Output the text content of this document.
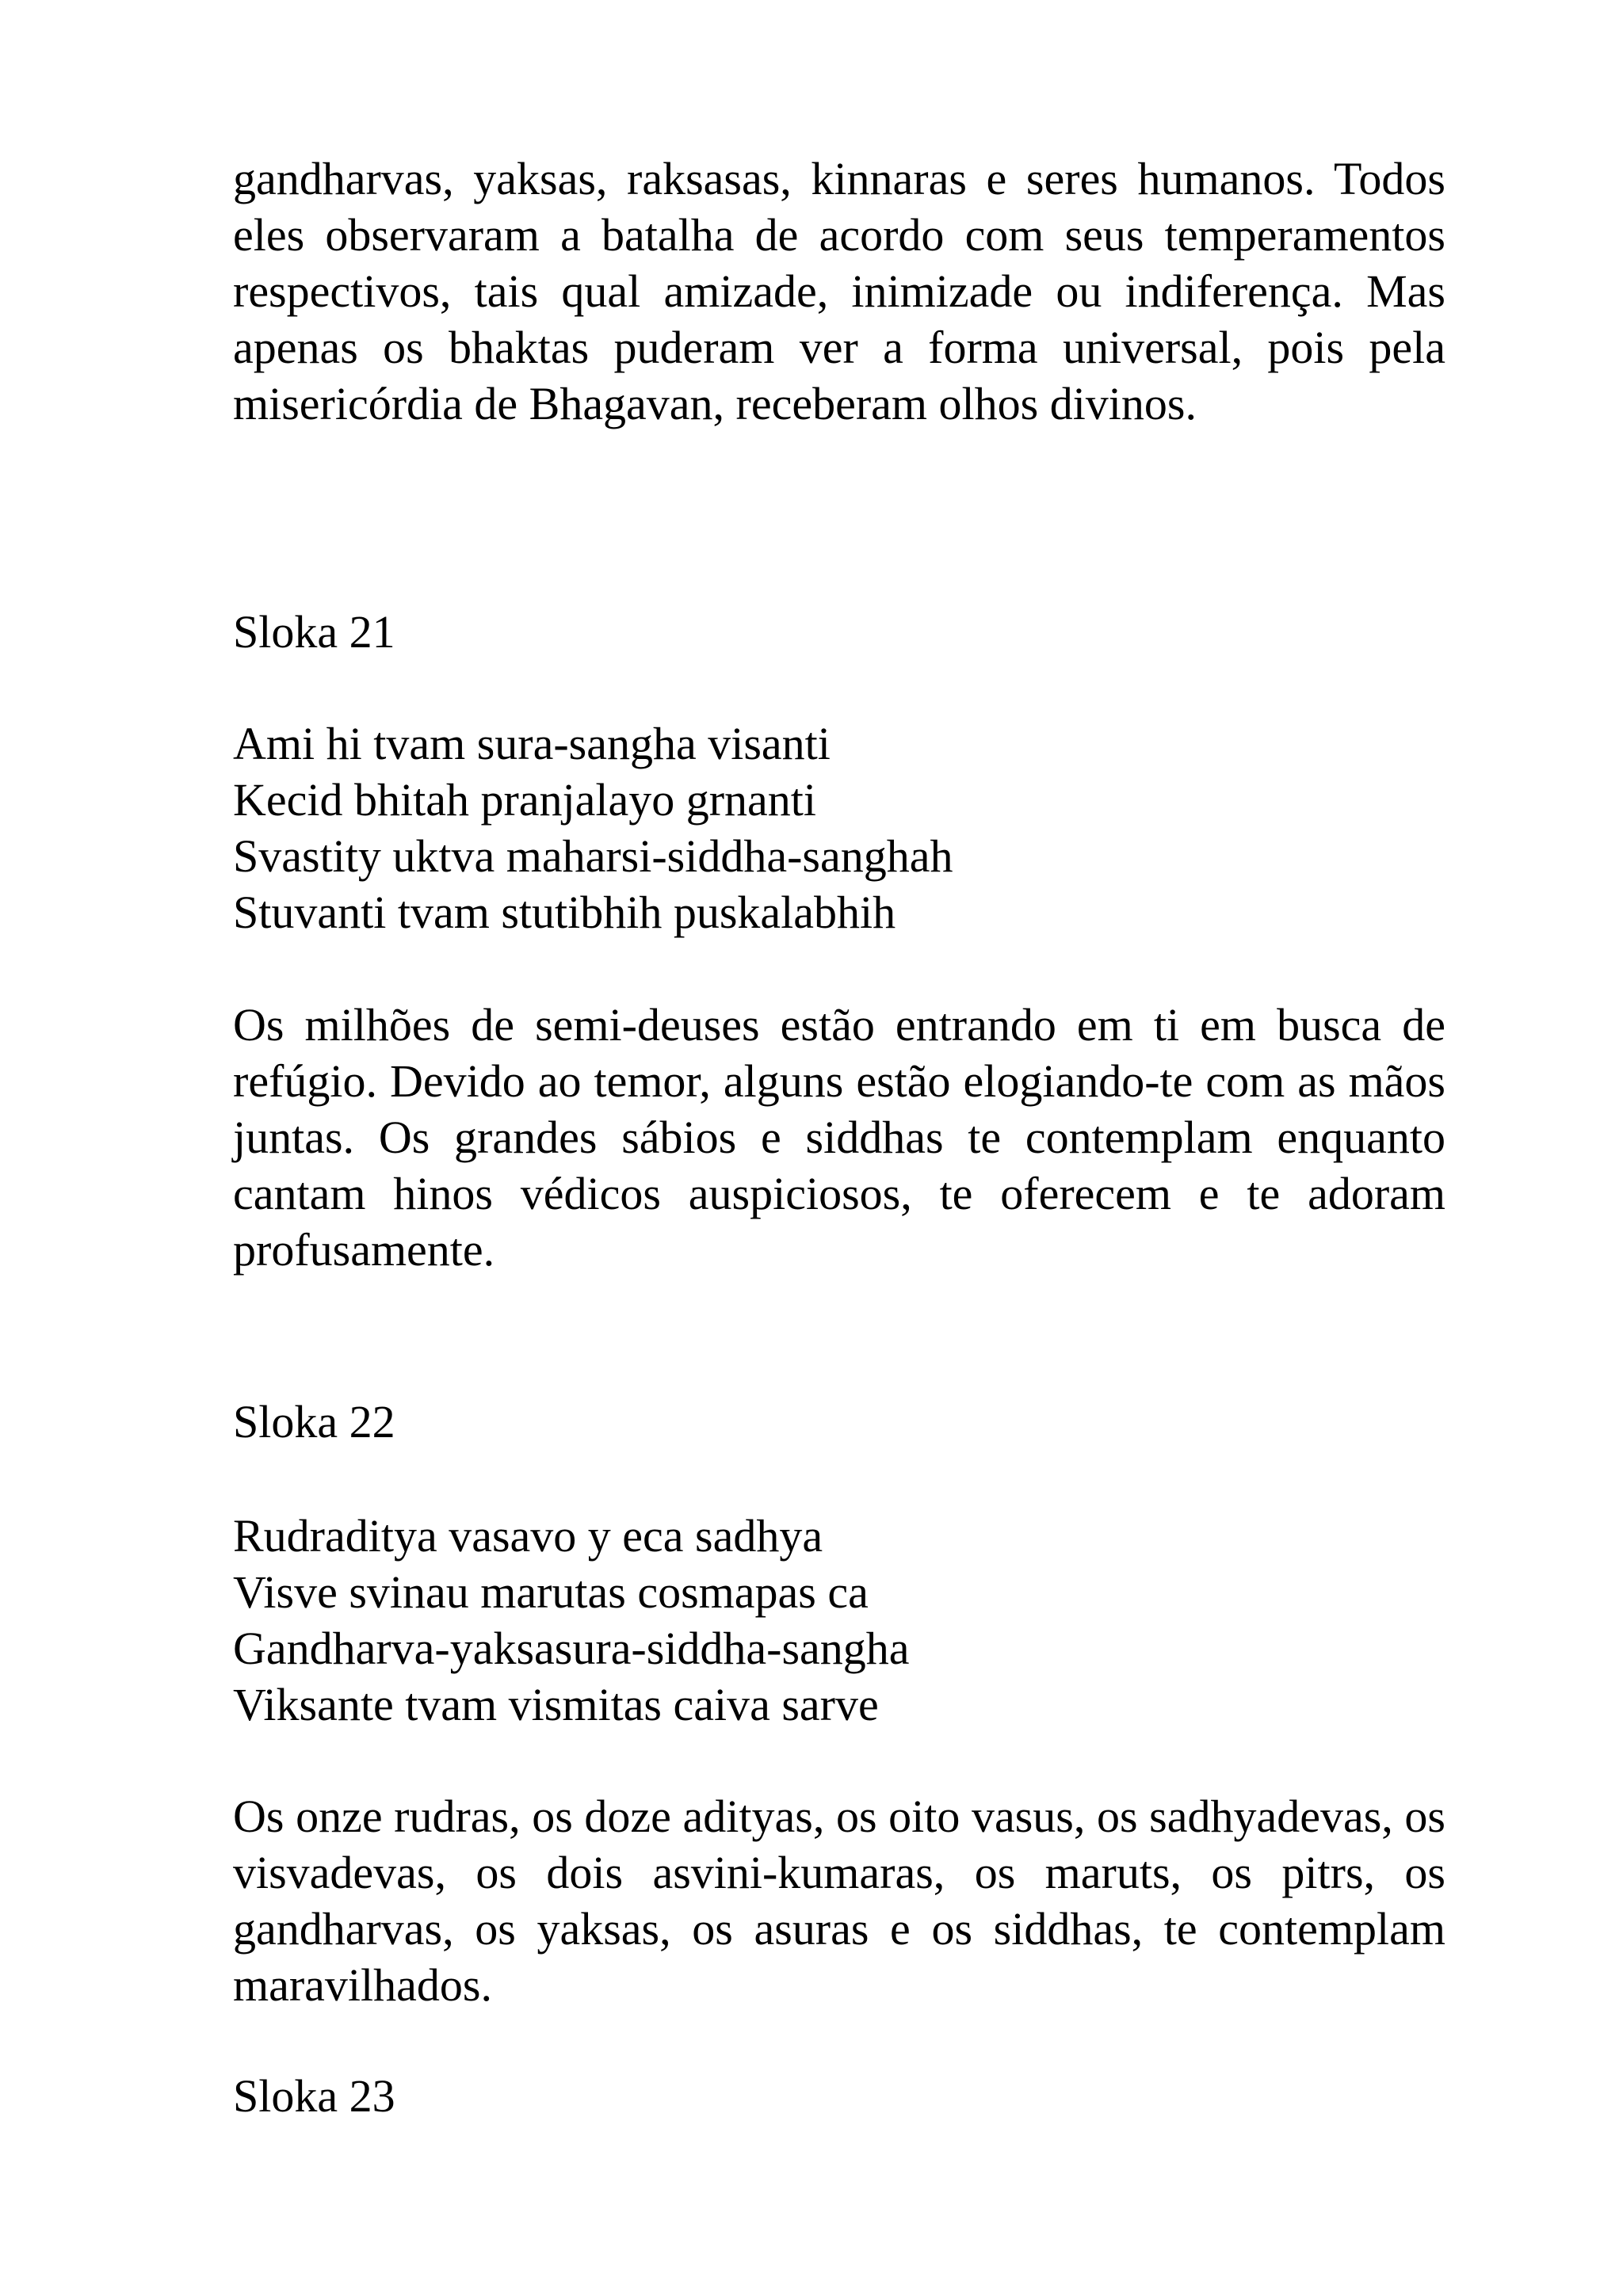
gandharvas, yaksas, raksasas, kinnaras e seres humanos. Todos eles observaram a batalha de acordo com seus temperamentos respectivos, tais qual amizade, inimizade ou indiferença. Mas apenas os bhaktas puderam ver a forma universal, pois pela misericórdia de Bhagavan, receberam olhos divinos.

Sloka 21
Ami hi tvam sura-sangha visanti
Kecid bhitah pranjalayo grnanti
Svastity uktva maharsi-siddha-sanghah
Stuvanti tvam stutibhih puskalabhih

Os milhões de semi-deuses estão entrando em ti em busca de refúgio. Devido ao temor, alguns estão elogiando-te com as mãos juntas. Os grandes sábios e siddhas te contemplam enquanto cantam hinos védicos auspiciosos, te oferecem e te adoram profusamente.

Sloka 22
Rudraditya vasavo y eca sadhya
Visve svinau marutas cosmapas ca
Gandharva-yaksasura-siddha-sangha
Viksante tvam vismitas caiva sarve

Os onze rudras, os doze adityas, os oito vasus, os sadhyadevas, os visvadevas, os dois asvini-kumaras, os maruts, os pitrs, os gandharvas, os yaksas, os asuras e os siddhas, te contemplam maravilhados.

Sloka 23
